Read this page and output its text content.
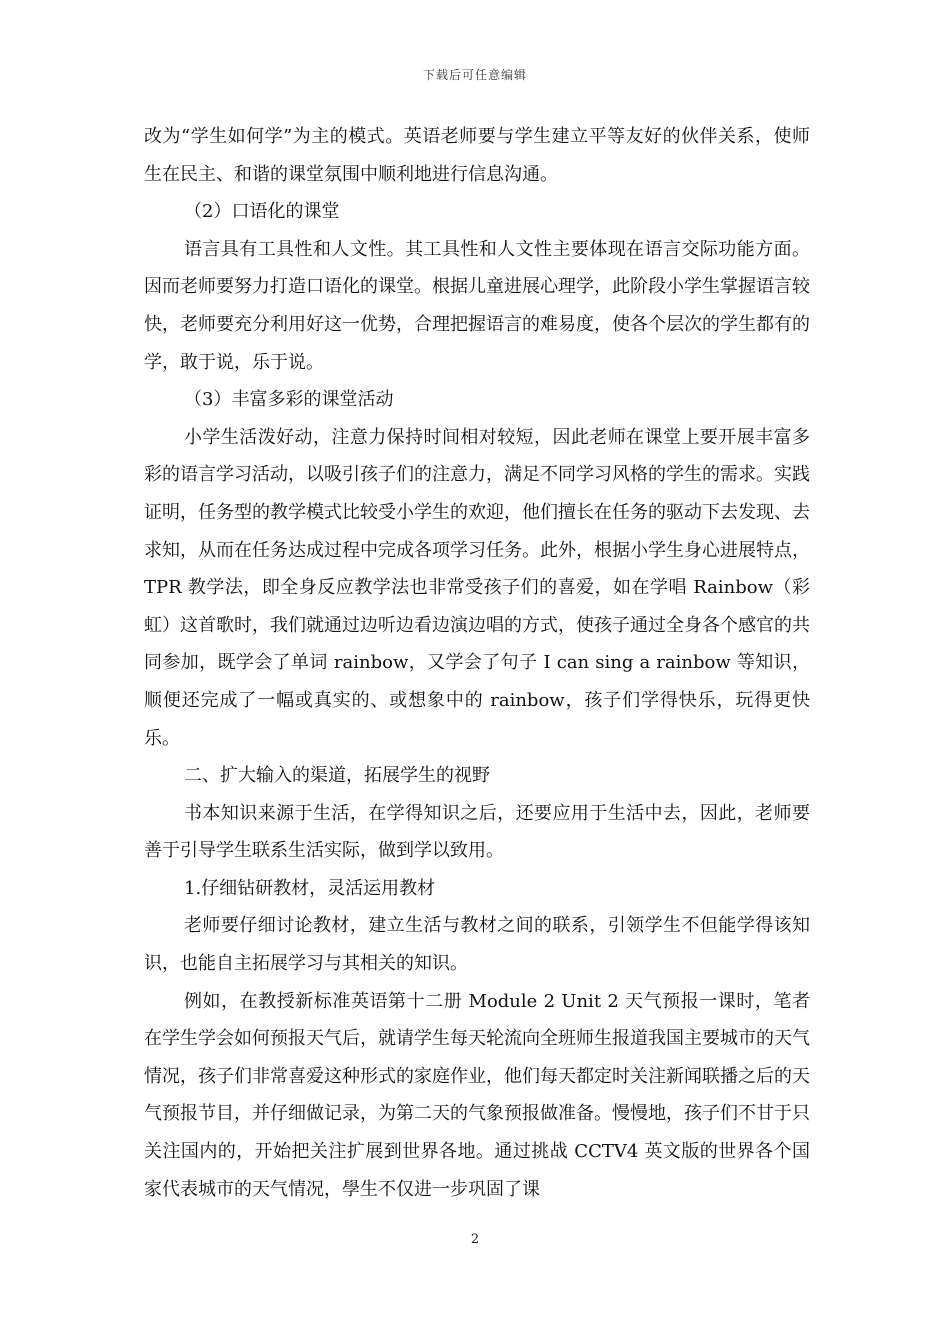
下载后可任意编辑

改为“学生如何学”为主的模式。英语老师要与学生建立平等友好的伙伴关系，使师生在民主、和谐的课堂氛围中顺利地进行信息沟通。

（2）口语化的课堂

语言具有工具性和人文性。其工具性和人文性主要体现在语言交际功能方面。因而老师要努力打造口语化的课堂。根据儿童进展心理学，此阶段小学生掌握语言较快，老师要充分利用好这一优势，合理把握语言的难易度，使各个层次的学生都有的学，敢于说，乐于说。

（3）丰富多彩的课堂活动

小学生活泼好动，注意力保持时间相对较短，因此老师在课堂上要开展丰富多彩的语言学习活动，以吸引孩子们的注意力，满足不同学习风格的学生的需求。实践证明，任务型的教学模式比较受小学生的欢迎，他们擅长在任务的驱动下去发现、去求知，从而在任务达成过程中完成各项学习任务。此外，根据小学生身心进展特点，TPR 教学法，即全身反应教学法也非常受孩子们的喜爱，如在学唱 Rainbow（彩虹）这首歌时，我们就通过边听边看边演边唱的方式，使孩子通过全身各个感官的共同参加，既学会了单词 rainbow，又学会了句子 I can sing a rainbow 等知识，顺便还完成了一幅或真实的、或想象中的 rainbow，孩子们学得快乐，玩得更快乐。

二、扩大输入的渠道，拓展学生的视野

书本知识来源于生活，在学得知识之后，还要应用于生活中去，因此，老师要善于引导学生联系生活实际，做到学以致用。

1.仔细钻研教材，灵活运用教材

老师要仔细讨论教材，建立生活与教材之间的联系，引领学生不但能学得该知识，也能自主拓展学习与其相关的知识。

例如，在教授新标准英语第十二册 Module 2 Unit 2 天气预报一课时，笔者在学生学会如何预报天气后，就请学生每天轮流向全班师生报道我国主要城市的天气情况，孩子们非常喜爱这种形式的家庭作业，他们每天都定时关注新闻联播之后的天气预报节目，并仔细做记录，为第二天的气象预报做准备。慢慢地，孩子们不甘于只关注国内的，开始把关注扩展到世界各地。通过挑战 CCTV4 英文版的世界各个国家代表城市的天气情况，學生不仅进一步巩固了课

2
